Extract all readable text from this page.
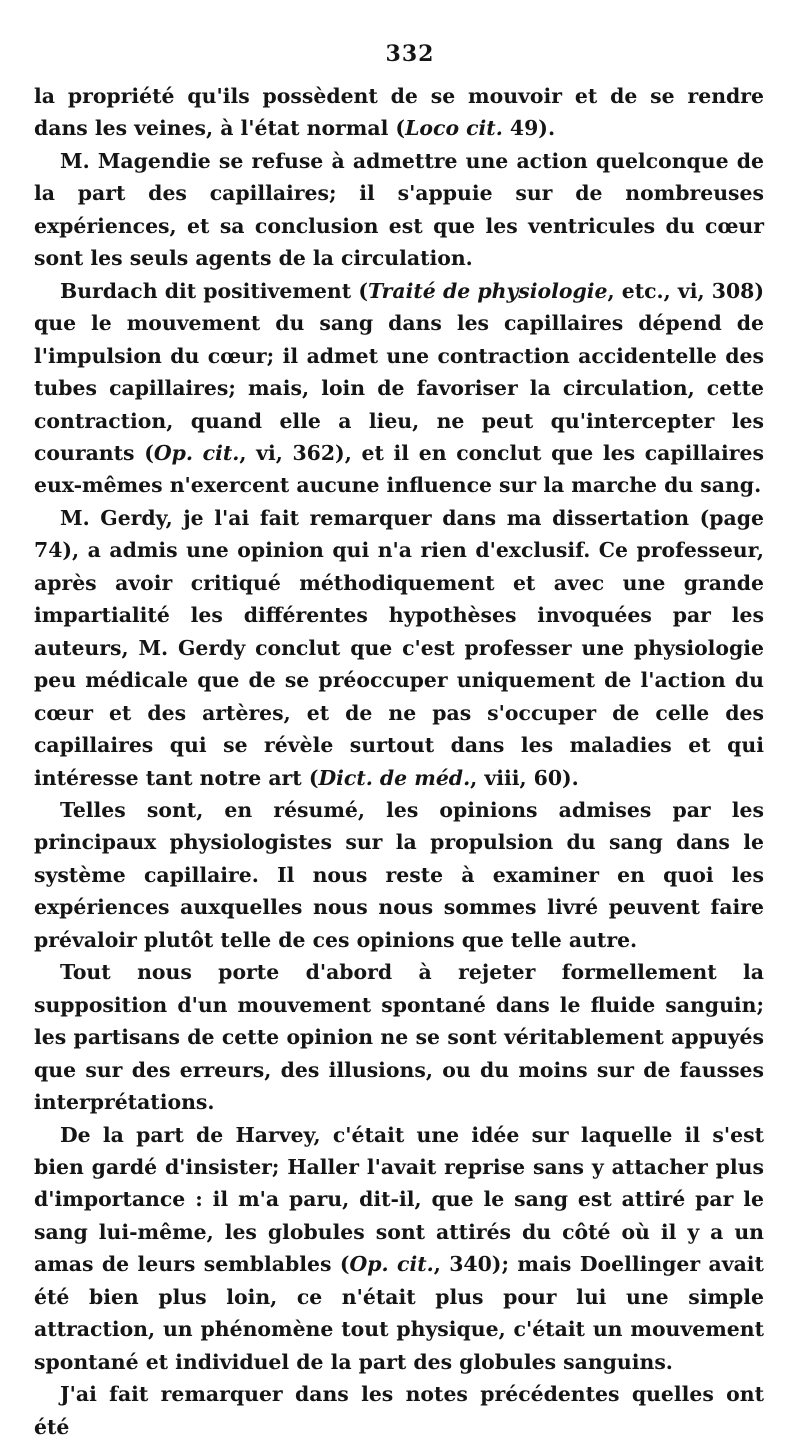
332

la propriété qu'ils possèdent de se mouvoir et de se rendre dans les veines, à l'état normal (Loco cit. 49).

M. Magendie se refuse à admettre une action quelconque de la part des capillaires; il s'appuie sur de nombreuses expériences, et sa conclusion est que les ventricules du cœur sont les seuls agents de la circulation.

Burdach dit positivement (Traité de physiologie, etc., vi, 308) que le mouvement du sang dans les capillaires dépend de l'impulsion du cœur; il admet une contraction accidentelle des tubes capillaires; mais, loin de favoriser la circulation, cette contraction, quand elle a lieu, ne peut qu'intercepter les courants (Op. cit., vi, 362), et il en conclut que les capillaires eux-mêmes n'exercent aucune influence sur la marche du sang.

M. Gerdy, je l'ai fait remarquer dans ma dissertation (page 74), a admis une opinion qui n'a rien d'exclusif. Ce professeur, après avoir critiqué méthodiquement et avec une grande impartialité les différentes hypothèses invoquées par les auteurs, M. Gerdy conclut que c'est professer une physiologie peu médicale que de se préoccuper uniquement de l'action du cœur et des artères, et de ne pas s'occuper de celle des capillaires qui se révèle surtout dans les maladies et qui intéresse tant notre art (Dict. de méd., viii, 60).

Telles sont, en résumé, les opinions admises par les principaux physiologistes sur la propulsion du sang dans le système capillaire. Il nous reste à examiner en quoi les expériences auxquelles nous nous sommes livré peuvent faire prévaloir plutôt telle de ces opinions que telle autre.

Tout nous porte d'abord à rejeter formellement la supposition d'un mouvement spontané dans le fluide sanguin; les partisans de cette opinion ne se sont véritablement appuyés que sur des erreurs, des illusions, ou du moins sur de fausses interprétations.

De la part de Harvey, c'était une idée sur laquelle il s'est bien gardé d'insister; Haller l'avait reprise sans y attacher plus d'importance : il m'a paru, dit-il, que le sang est attiré par le sang lui-même, les globules sont attirés du côté où il y a un amas de leurs semblables (Op. cit., 340); mais Doellinger avait été bien plus loin, ce n'était plus pour lui une simple attraction, un phénomène tout physique, c'était un mouvement spontané et individuel de la part des globules sanguins.

J'ai fait remarquer dans les notes précédentes quelles ont été
